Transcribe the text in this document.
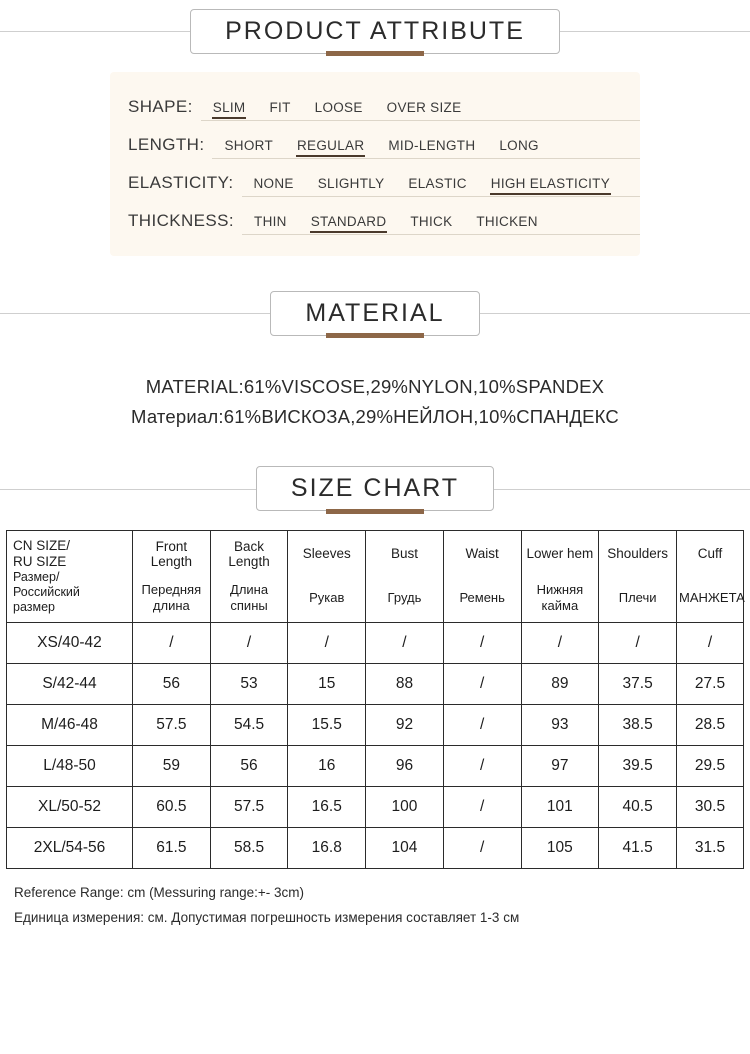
PRODUCT ATTRIBUTE
SHAPE:	SLIM	FIT	LOOSE	OVER SIZE
LENGTH:	SHORT	REGULAR	MID-LENGTH	LONG
ELASTICITY:	NONE	SLIGHTLY	ELASTIC	HIGH ELASTICITY
THICKNESS:	THIN	STANDARD	THICK	THICKEN
MATERIAL
MATERIAL:61%VISCOSE,29%NYLON,10%SPANDEX
Материал:61%ВИСКОЗА,29%НЕЙЛОН,10%СПАНДЕКС
SIZE CHART
CN SIZE/
RU SIZE
Размер/
Российский
размер	Front Length	Back Length	Sleeves	Bust	Waist	Lower hem	Shoulders	Cuff
	Передняя длина	Длина спины	Рукав	Грудь	Ремень	Нижняя кайма	Плечи	МАНЖЕТА
XS/40-42	/	/	/	/	/	/	/	/
S/42-44	56	53	15	88	/	89	37.5	27.5
M/46-48	57.5	54.5	15.5	92	/	93	38.5	28.5
L/48-50	59	56	16	96	/	97	39.5	29.5
XL/50-52	60.5	57.5	16.5	100	/	101	40.5	30.5
2XL/54-56	61.5	58.5	16.8	104	/	105	41.5	31.5
Reference Range: cm (Messuring range:+- 3cm)
Единица измерения: см. Допустимая погрешность измерения составляет 1-3 см
